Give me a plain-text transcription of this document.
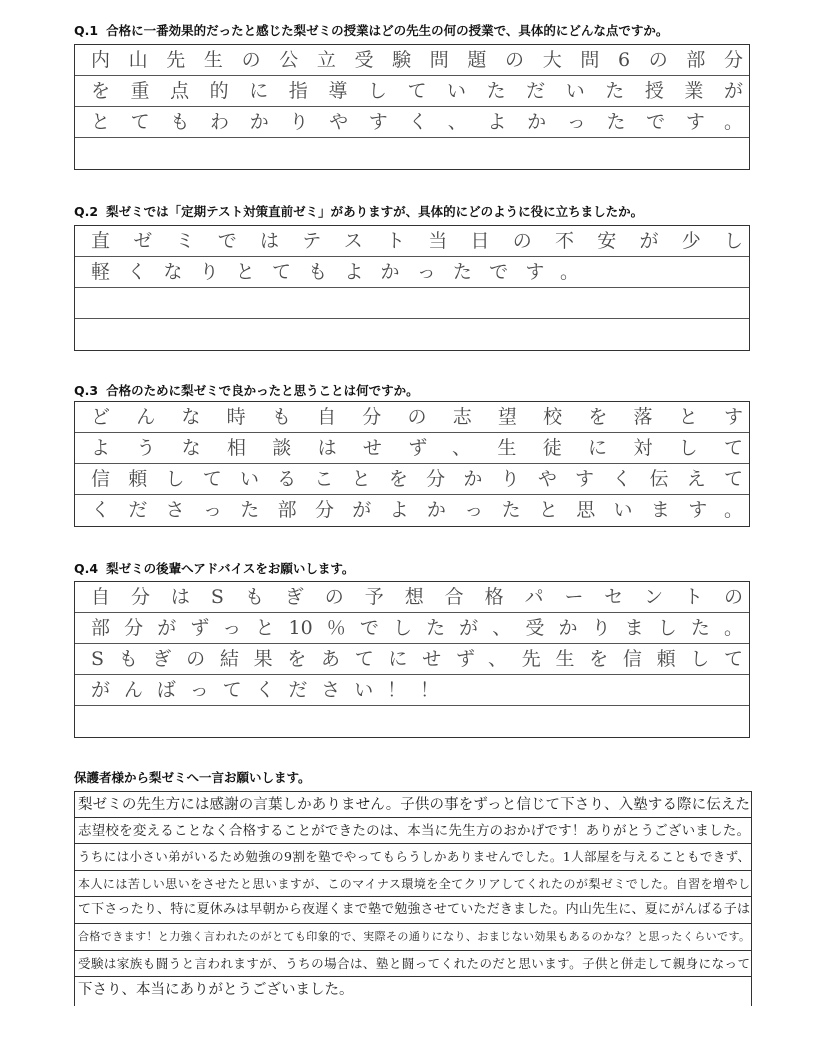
Q.1 合格に一番効果的だったと感じた梨ゼミの授業はどの先生の何の授業で、具体的にどんな点ですか。
内山先生の公立受験問題の大問6の部分
を重点的に指導していただいた授業が
とてもわかりやすく、よかったです。
Q.2 梨ゼミでは「定期テスト対策直前ゼミ」がありますが、具体的にどのように役に立ちましたか。
直ゼミではテスト当日の不安が少し
軽くなりとてもよかったです。
Q.3 合格のために梨ゼミで良かったと思うことは何ですか。
どんな時も自分の志望校を落とす
ような相談はせず、生徒に対して
信頼していることを分かりやすく伝えて
くださった部分がよかったと思います。
Q.4 梨ゼミの後輩へアドバイスをお願いします。
自分はSもぎの予想合格パーセントの
部分がずっと10％でしたが、受かりました。
Sもぎの結果をあてにせず、先生を信頼して
がんばってください！！
保護者様から梨ゼミへ一言お願いします。
梨ゼミの先生方には感謝の言葉しかありません。子供の事をずっと信じて下さり、入塾する際に伝えた
志望校を変えることなく合格することができたのは、本当に先生方のおかげです！ありがとうございました。
うちには小さい弟がいるため勉強の9割を塾でやってもらうしかありませんでした。1人部屋を与えることもできず、
本人には苦しい思いをさせたと思いますが、このマイナス環境を全てクリアしてくれたのが梨ゼミでした。自習を増やし
て下さったり、特に夏休みは早朝から夜遅くまで塾で勉強させていただきました。内山先生に、夏にがんばる子は
合格できます！と力強く言われたのがとても印象的で、実際その通りになり、おまじない効果もあるのかな？と思ったくらいです。
受験は家族も闘うと言われますが、うちの場合は、塾と闘ってくれたのだと思います。子供と併走して親身になって
下さり、本当にありがとうございました。
